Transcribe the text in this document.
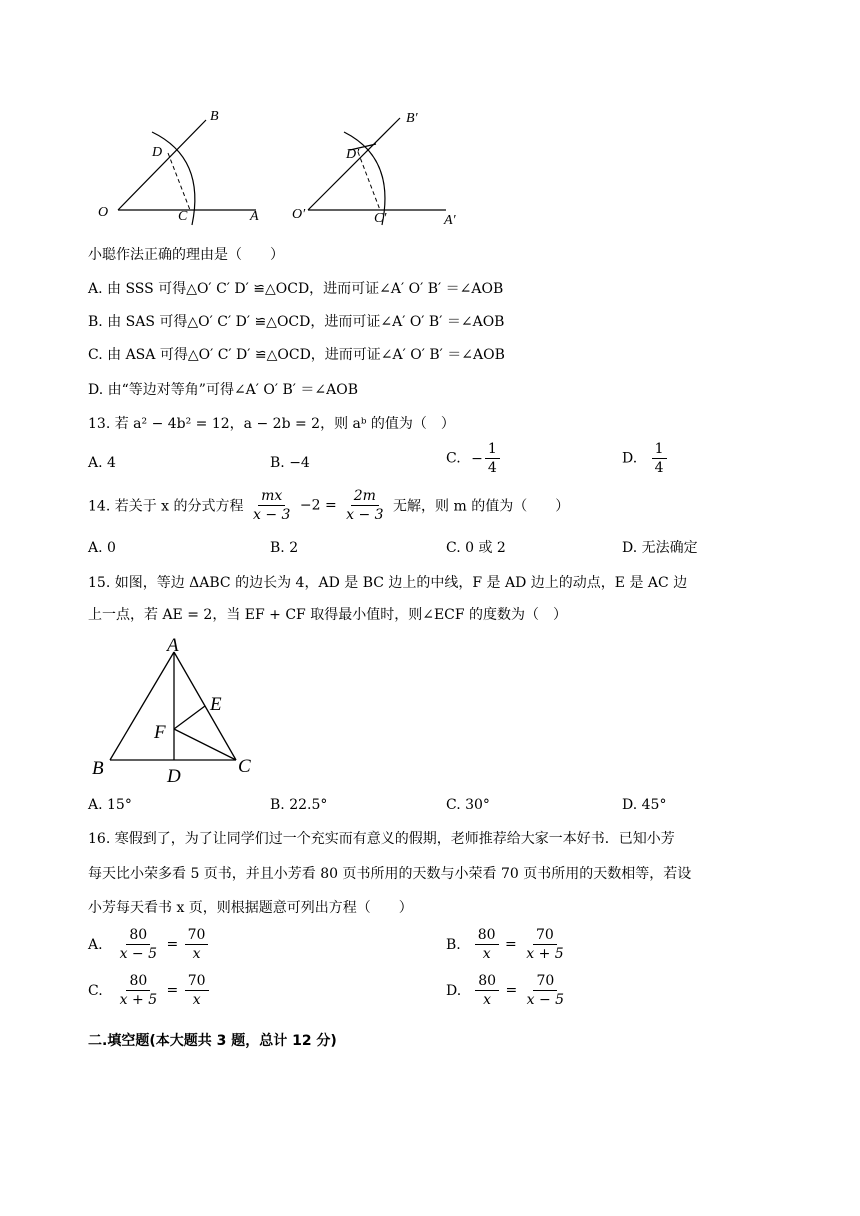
B
D
O	C	A
B′
D′
O′	C′	A′
小聪作法正确的理由是（　　）
A. 由 SSS 可得△O′ C′ D′ ≌△OCD，进而可证∠A′ O′ B′ ＝∠AOB
B. 由 SAS 可得△O′ C′ D′ ≌△OCD，进而可证∠A′ O′ B′ ＝∠AOB
C. 由 ASA 可得△O′ C′ D′ ≌△OCD，进而可证∠A′ O′ B′ ＝∠AOB
D. 由“等边对等角”可得∠A′ O′ B′ ＝∠AOB
13. 若 a² − 4b² = 12，a − 2b = 2，则 aᵇ 的值为（　）
A. 4	B. −4	C. − $\frac{1}{4}$	D. $\frac{1}{4}$
14. 若关于 x 的分式方程 $\frac{mx}{x - 3} -2 = \frac{2m}{x - 3}$ 无解，则 m 的值为（　　）
A. 0	B. 2	C. 0 或 2	D. 无法确定
15. 如图，等边 ΔABC 的边长为 4，AD 是 BC 边上的中线，F 是 AD 边上的动点，E 是 AC 边
上一点，若 AE = 2，当 EF + CF 取得最小值时，则∠ECF 的度数为（　）
A
B	C
D
E
F
A. 15°	B. 22.5°	C. 30°	D. 45°
16. 寒假到了，为了让同学们过一个充实而有意义的假期，老师推荐给大家一本好书．已知小芳
每天比小荣多看 5 页书，并且小芳看 80 页书所用的天数与小荣看 70 页书所用的天数相等，若设
小芳每天看书 x 页，则根据题意可列出方程（　　）
A. $\frac{80}{x - 5} = \frac{70}{x}$	B. $\frac{80}{x} = \frac{70}{x + 5}$
C. $\frac{80}{x + 5} = \frac{70}{x}$	D. $\frac{80}{x} = \frac{70}{x - 5}$
二.填空题(本大题共 3 题，总计 12 分)
